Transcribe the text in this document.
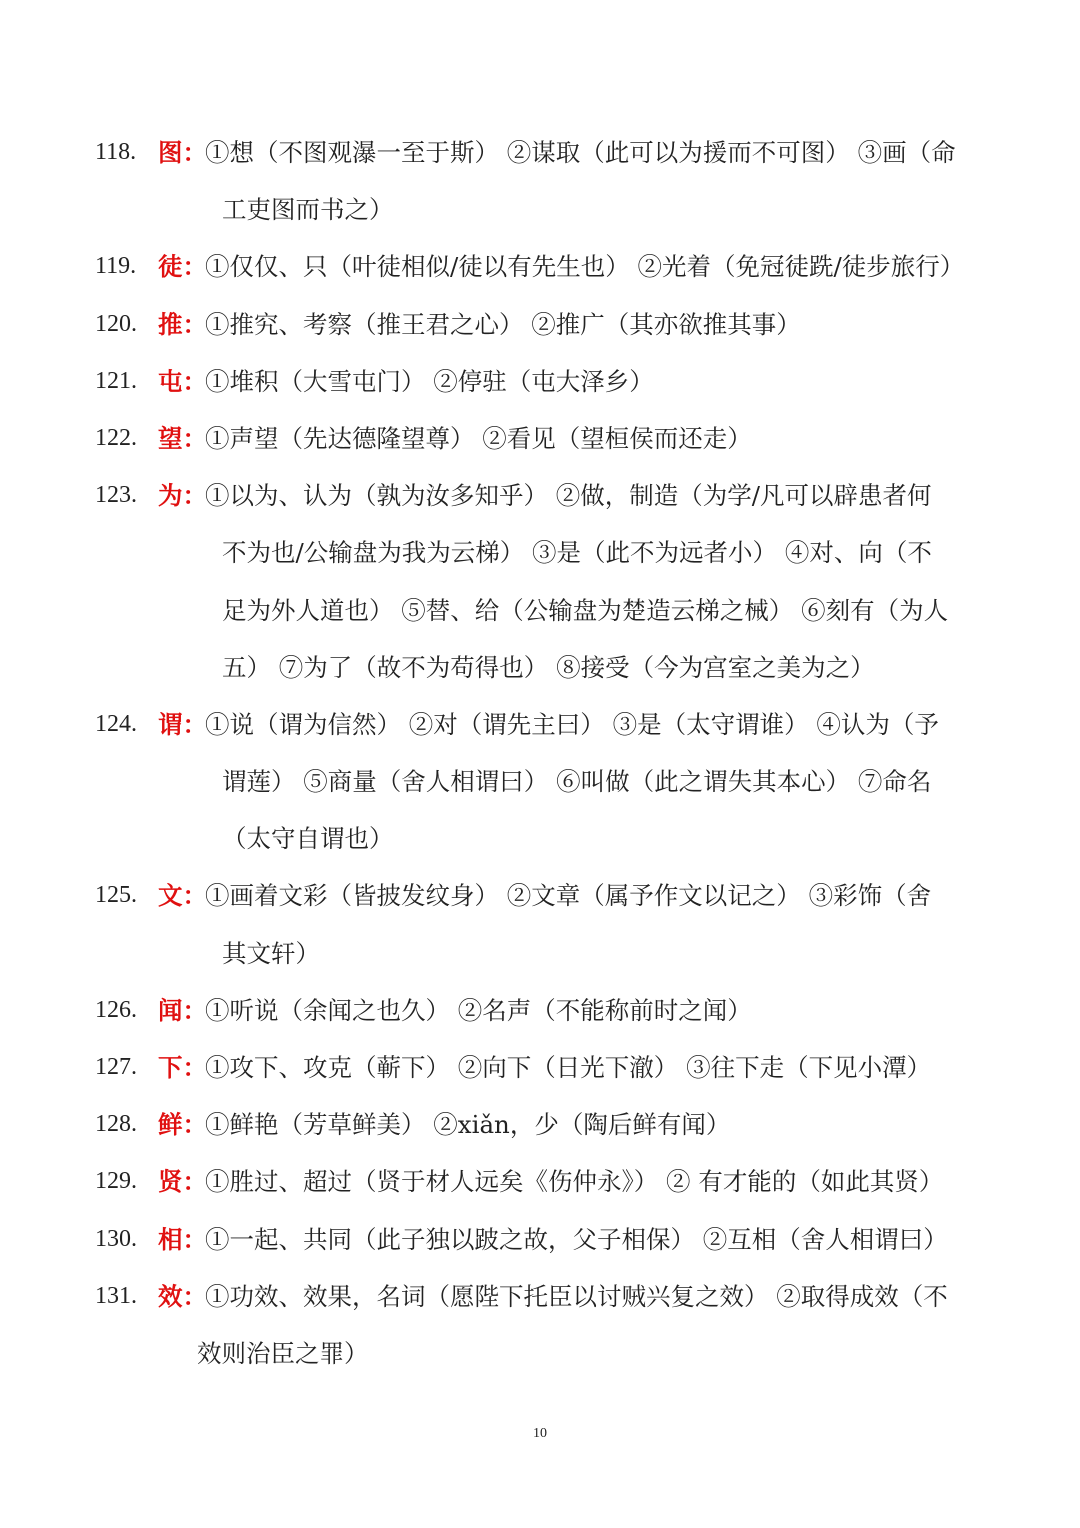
118. 图：
①想（不图观瀑一至于斯） ②谋取（此可以为援而不可图） ③画（命
工吏图而书之）
119. 徒：
①仅仅、只（叶徒相似/徒以有先生也） ②光着（免冠徒跣/徒步旅行）
120. 推：
①推究、考察（推王君之心） ②推广（其亦欲推其事）
121. 屯：
①堆积（大雪屯门） ②停驻（屯大泽乡）
122. 望：
①声望（先达德隆望尊） ②看见（望桓侯而还走）
123. 为：
①以为、认为（孰为汝多知乎） ②做，制造（为学/凡可以辟患者何
不为也/公输盘为我为云梯） ③是（此不为远者小） ④对、向（不
足为外人道也） ⑤替、给（公输盘为楚造云梯之械） ⑥刻有（为人
五） ⑦为了（故不为苟得也） ⑧接受（今为宫室之美为之）
124. 谓：
①说（谓为信然） ②对（谓先主曰） ③是（太守谓谁） ④认为（予
谓莲） ⑤商量（舍人相谓曰） ⑥叫做（此之谓失其本心） ⑦命名
（太守自谓也）
125. 文：
①画着文彩（皆披发纹身） ②文章（属予作文以记之） ③彩饰（舍
其文轩）
126. 闻：
①听说（余闻之也久） ②名声（不能称前时之闻）
127. 下：
①攻下、攻克（蕲下） ②向下（日光下澈） ③往下走（下见小潭）
128. 鲜：
①鲜艳（芳草鲜美） ②xiǎn，少（陶后鲜有闻）
129. 贤：
①胜过、超过（贤于材人远矣《伤仲永》） ② 有才能的（如此其贤）
130. 相：
①一起、共同（此子独以跛之故，父子相保） ②互相（舍人相谓曰）
131. 效：
①功效、效果，名词（愿陛下托臣以讨贼兴复之效） ②取得成效（不
效则治臣之罪）
10
